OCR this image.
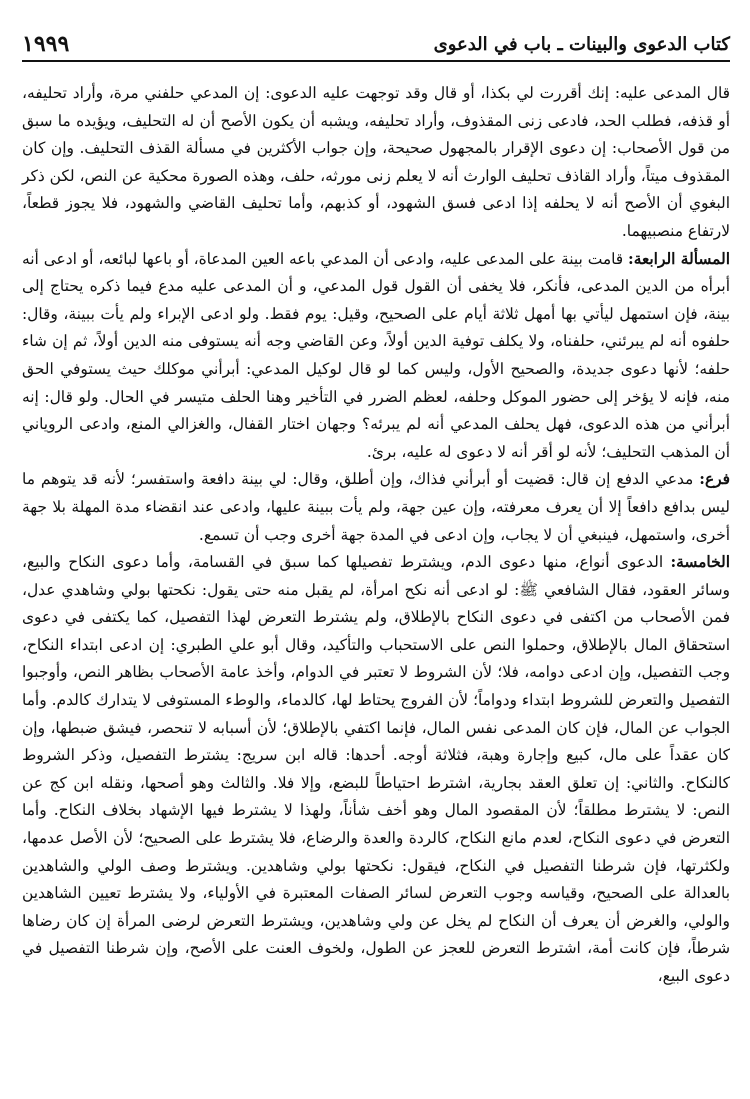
كتاب الدعوى والبينات ـ باب في الدعوى
١٩٩٩

قال المدعى عليه: إنك أقررت لي بكذا، أو قال وقد توجهت عليه الدعوى: إن المدعي حلفني مرة، وأراد تحليفه، أو قذفه، فطلب الحد، فادعى زنى المقذوف، وأراد تحليفه، ويشبه أن يكون الأصح أن له التحليف، ويؤيده ما سبق من قول الأصحاب: إن دعوى الإقرار بالمجهول صحيحة، وإن جواب الأكثرين في مسألة القذف التحليف. وإن كان المقذوف ميتاً، وأراد القاذف تحليف الوارث أنه لا يعلم زنى مورثه، حلف، وهذه الصورة محكية عن النص، لكن ذكر البغوي أن الأصح أنه لا يحلفه إذا ادعى فسق الشهود، أو كذبهم، وأما تحليف القاضي والشهود، فلا يجوز قطعاً، لارتفاع منصبيهما.

المسألة الرابعة: قامت بينة على المدعى عليه، وادعى أن المدعي باعه العين المدعاة، أو باعها لبائعه، أو ادعى أنه أبرأه من الدين المدعى، فأنكر، فلا يخفى أن القول قول المدعي، و أن المدعى عليه مدع فيما ذكره يحتاج إلى بينة، فإن استمهل ليأتي بها أمهل ثلاثة أيام على الصحيح، وقيل: يوم فقط. ولو ادعى الإبراء ولم يأت ببينة، وقال: حلفوه أنه لم يبرئني، حلفناه، ولا يكلف توفية الدين أولاً، وعن القاضي وجه أنه يستوفى منه الدين أولاً، ثم إن شاء حلفه؛ لأنها دعوى جديدة، والصحيح الأول، وليس كما لو قال لوكيل المدعي: أبرأني موكلك حيث يستوفي الحق منه، فإنه لا يؤخر إلى حضور الموكل وحلفه، لعظم الضرر في التأخير وهنا الحلف متيسر في الحال. ولو قال: إنه أبرأني من هذه الدعوى، فهل يحلف المدعي أنه لم يبرئه؟ وجهان اختار القفال، والغزالي المنع، وادعى الروياني أن المذهب التحليف؛ لأنه لو أقر أنه لا دعوى له عليه، برئ.

فرع: مدعي الدفع إن قال: قضيت أو أبرأني فذاك، وإن أطلق، وقال: لي بينة دافعة واستفسر؛ لأنه قد يتوهم ما ليس بدافع دافعاً إلا أن يعرف معرفته، وإن عين جهة، ولم يأت ببينة عليها، وادعى عند انقضاء مدة المهلة بلا جهة أخرى، واستمهل، فينبغي أن لا يجاب، وإن ادعى في المدة جهة أخرى وجب أن تسمع.

الخامسة: الدعوى أنواع، منها دعوى الدم، ويشترط تفصيلها كما سبق في القسامة، وأما دعوى النكاح والبيع، وسائر العقود، فقال الشافعي ﷺ: لو ادعى أنه نكح امرأة، لم يقبل منه حتى يقول: نكحتها بولي وشاهدي عدل، فمن الأصحاب من اكتفى في دعوى النكاح بالإطلاق، ولم يشترط التعرض لهذا التفصيل، كما يكتفى في دعوى استحقاق المال بالإطلاق، وحملوا النص على الاستحباب والتأكيد، وقال أبو علي الطبري: إن ادعى ابتداء النكاح، وجب التفصيل، وإن ادعى دوامه، فلا؛ لأن الشروط لا تعتبر في الدوام، وأخذ عامة الأصحاب بظاهر النص، وأوجبوا التفصيل والتعرض للشروط ابتداء ودواماً؛ لأن الفروج يحتاط لها، كالدماء، والوطء المستوفى لا يتدارك كالدم. وأما الجواب عن المال، فإن كان المدعى نفس المال، فإنما اكتفي بالإطلاق؛ لأن أسبابه لا تنحصر، فيشق ضبطها، وإن كان عقداً على مال، كبيع وإجارة وهبة، فثلاثة أوجه. أحدها: قاله ابن سريج: يشترط التفصيل، وذكر الشروط كالنكاح. والثاني: إن تعلق العقد بجارية، اشترط احتياطاً للبضع، وإلا فلا. والثالث وهو أصحها، ونقله ابن كج عن النص: لا يشترط مطلقاً؛ لأن المقصود المال وهو أخف شأناً، ولهذا لا يشترط فيها الإشهاد بخلاف النكاح. وأما التعرض في دعوى النكاح، لعدم مانع النكاح، كالردة والعدة والرضاع، فلا يشترط على الصحيح؛ لأن الأصل عدمها، ولكثرتها، فإن شرطنا التفصيل في النكاح، فيقول: نكحتها بولي وشاهدين. ويشترط وصف الولي والشاهدين بالعدالة على الصحيح، وقياسه وجوب التعرض لسائر الصفات المعتبرة في الأولياء، ولا يشترط تعيين الشاهدين والولي، والغرض أن يعرف أن النكاح لم يخل عن ولي وشاهدين، ويشترط التعرض لرضى المرأة إن كان رضاها شرطاً، فإن كانت أمة، اشترط التعرض للعجز عن الطول، ولخوف العنت على الأصح، وإن شرطنا التفصيل في دعوى البيع،
